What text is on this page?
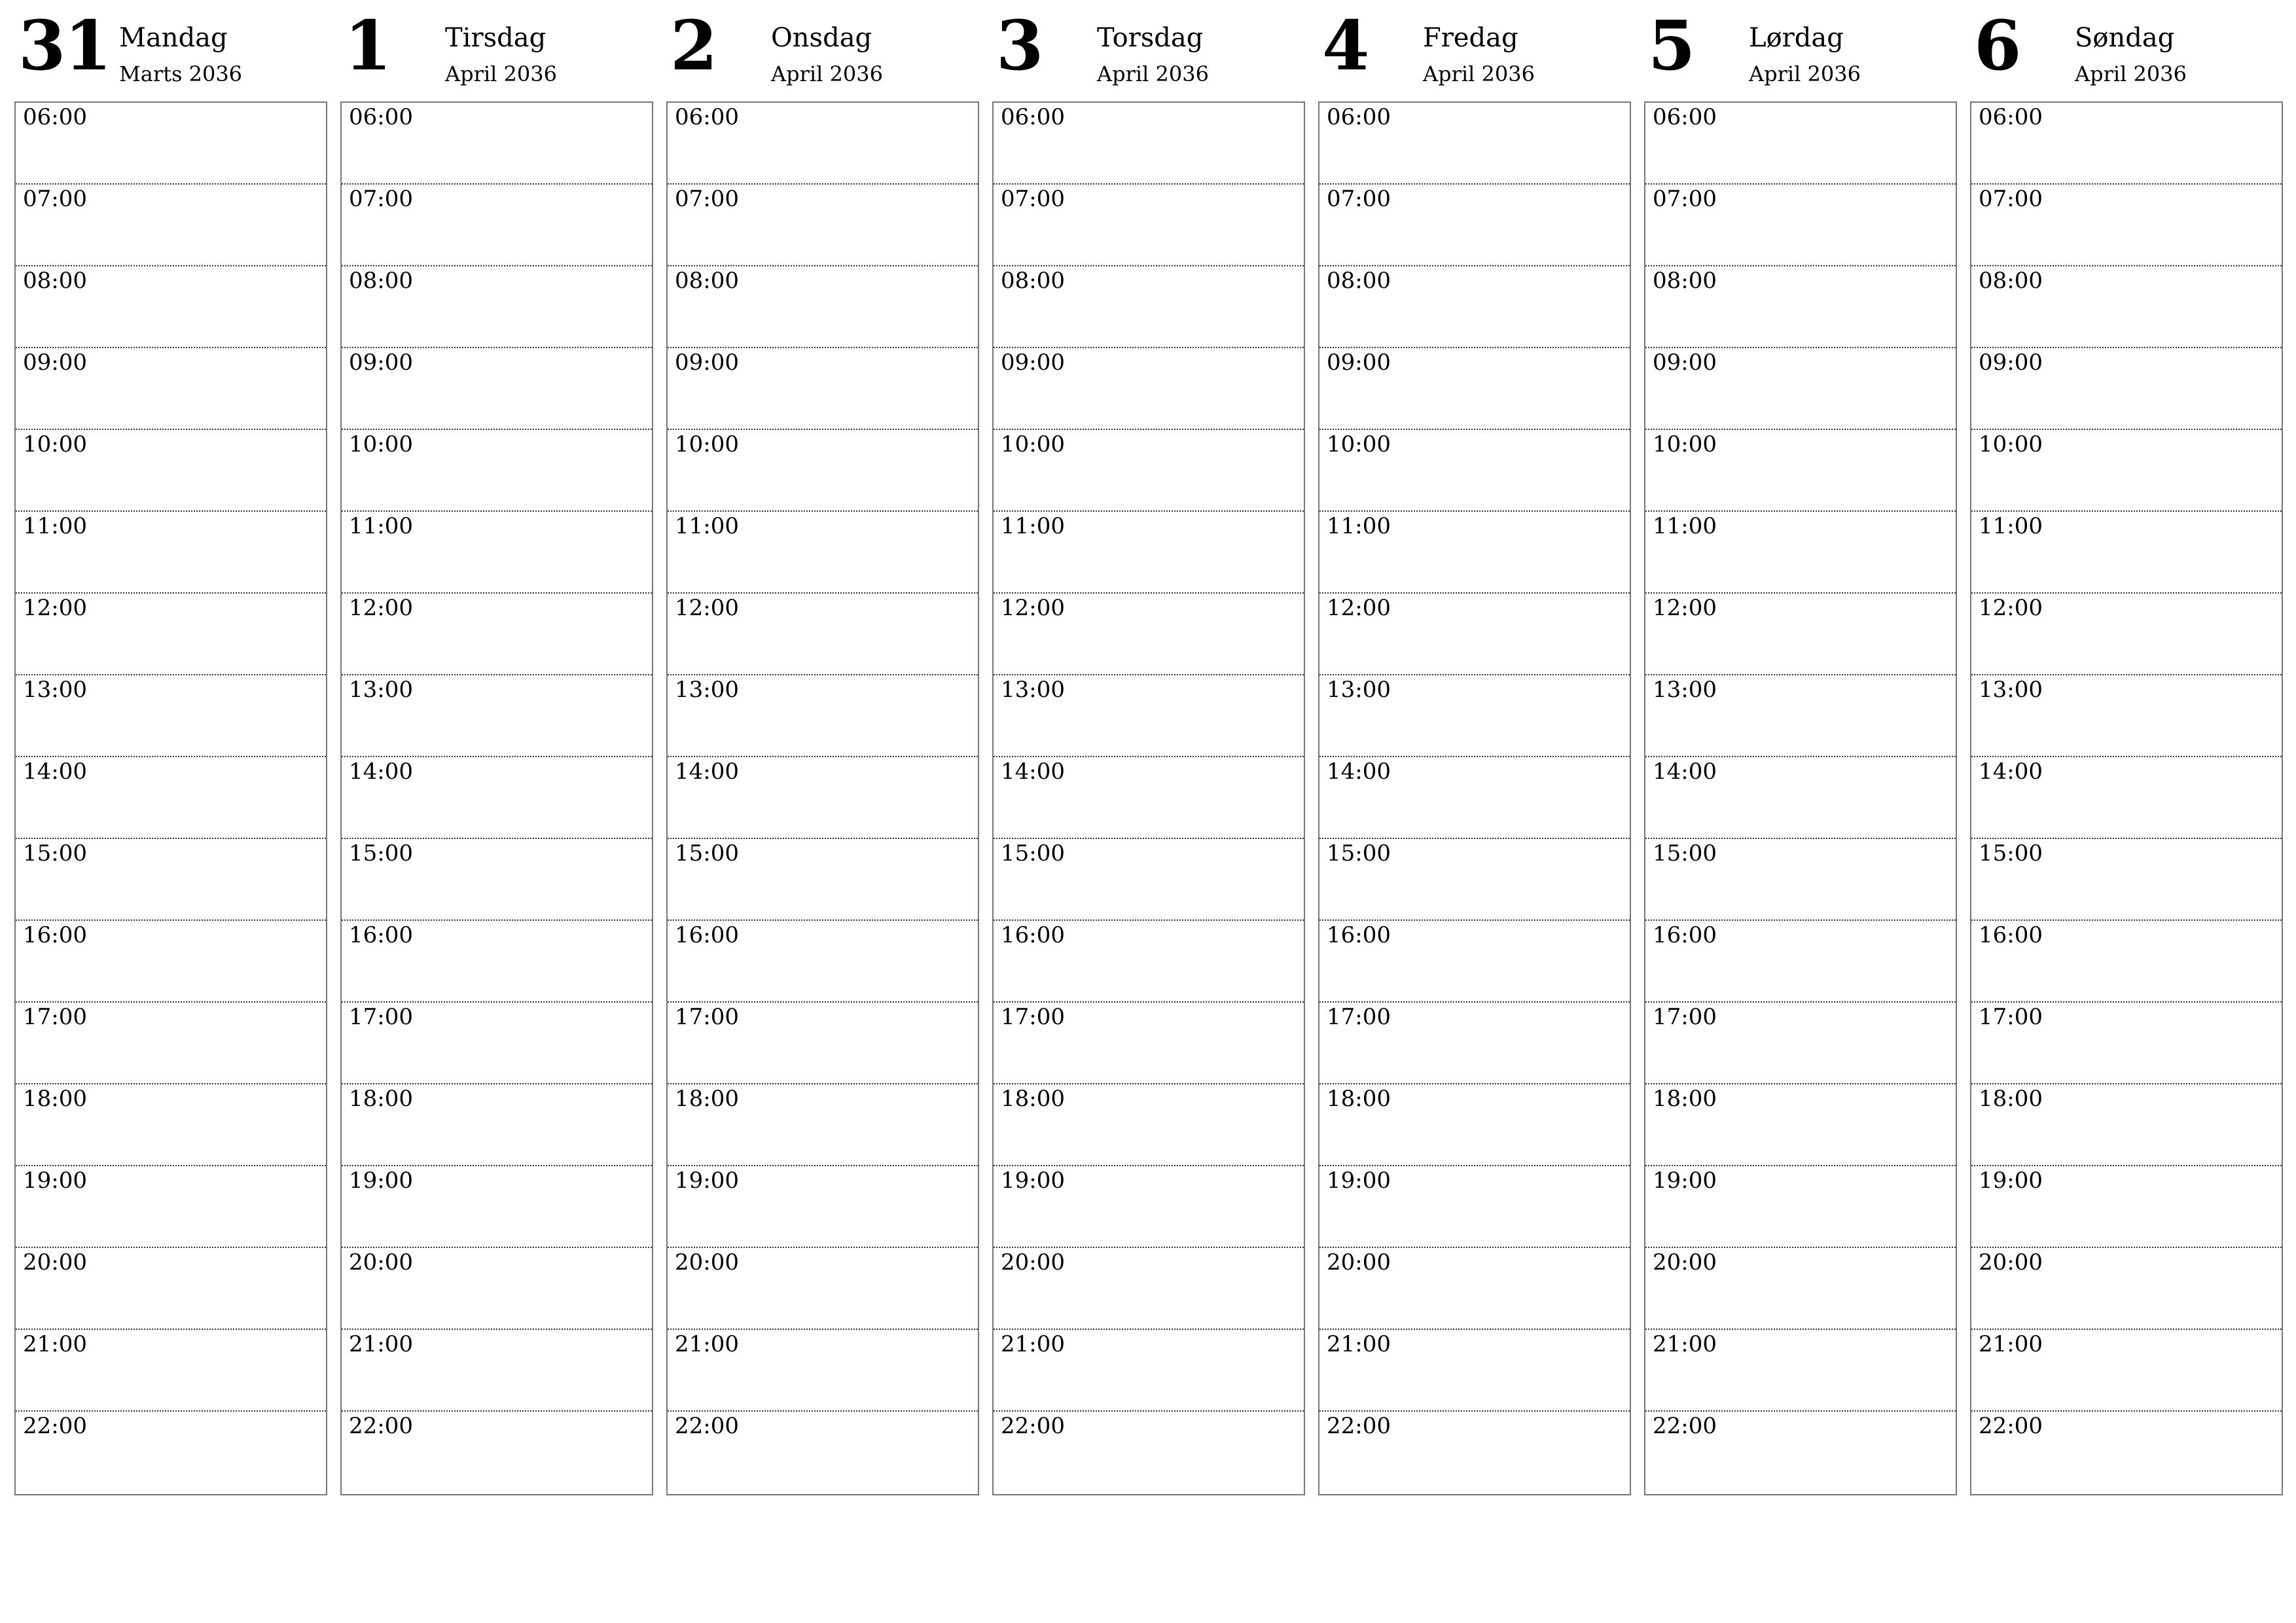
31 Mandag
Marts 2036
06:00
07:00
08:00
09:00
10:00
11:00
12:00
13:00
14:00
15:00
16:00
17:00
18:00
19:00
20:00
21:00
22:00
1 Tirsdag
April 2036
06:00
07:00
08:00
09:00
10:00
11:00
12:00
13:00
14:00
15:00
16:00
17:00
18:00
19:00
20:00
21:00
22:00
2 Onsdag
April 2036
06:00
07:00
08:00
09:00
10:00
11:00
12:00
13:00
14:00
15:00
16:00
17:00
18:00
19:00
20:00
21:00
22:00
3 Torsdag
April 2036
06:00
07:00
08:00
09:00
10:00
11:00
12:00
13:00
14:00
15:00
16:00
17:00
18:00
19:00
20:00
21:00
22:00
4 Fredag
April 2036
06:00
07:00
08:00
09:00
10:00
11:00
12:00
13:00
14:00
15:00
16:00
17:00
18:00
19:00
20:00
21:00
22:00
5 Lørdag
April 2036
06:00
07:00
08:00
09:00
10:00
11:00
12:00
13:00
14:00
15:00
16:00
17:00
18:00
19:00
20:00
21:00
22:00
6 Søndag
April 2036
06:00
07:00
08:00
09:00
10:00
11:00
12:00
13:00
14:00
15:00
16:00
17:00
18:00
19:00
20:00
21:00
22:00
